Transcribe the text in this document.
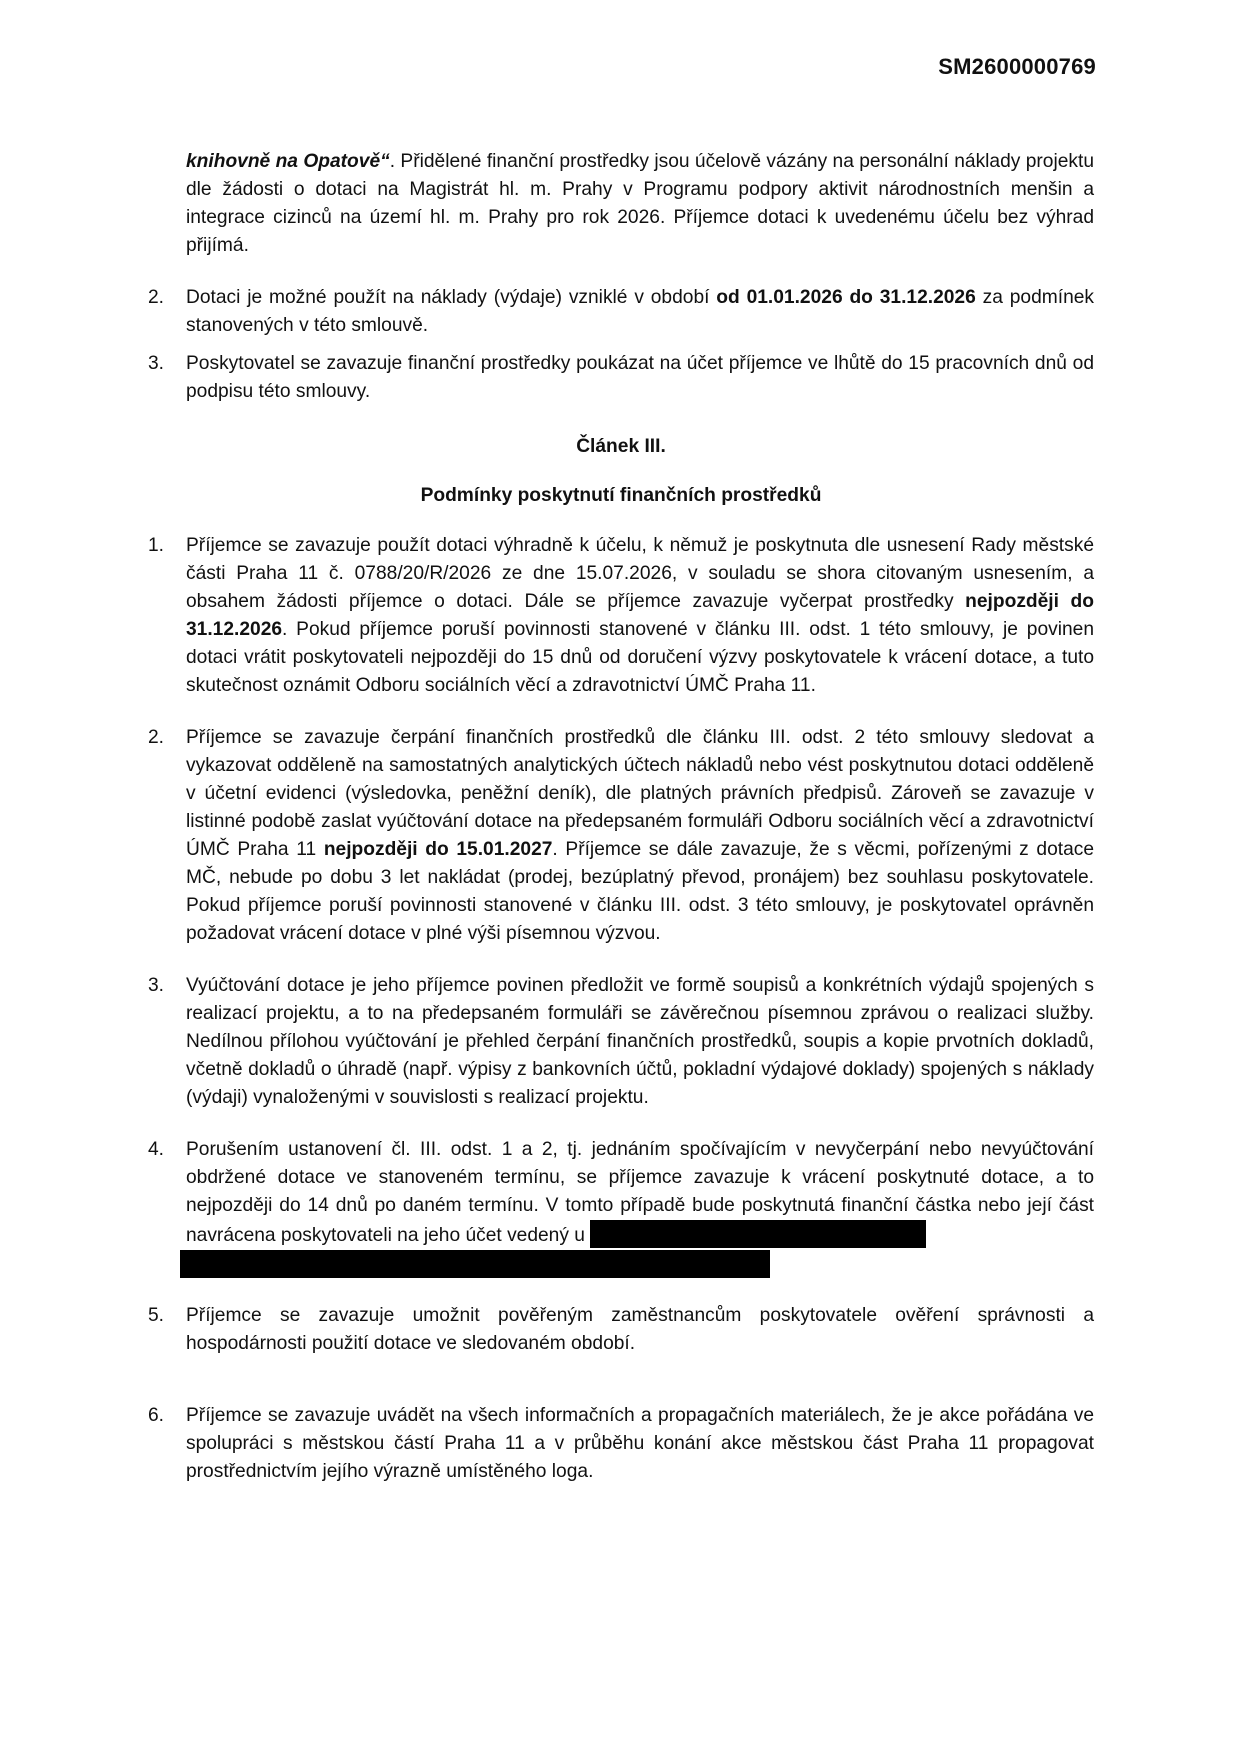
SM2600000769

knihovně na Opatově“. Přidělené finanční prostředky jsou účelově vázány na personální náklady projektu dle žádosti o dotaci na Magistrát hl. m. Prahy v Programu podpory aktivit národnostních menšin a integrace cizinců na území hl. m. Prahy pro rok 2026. Příjemce dotaci k uvedenému účelu bez výhrad přijímá.

2.	Dotaci je možné použít na náklady (výdaje) vzniklé v období od 01.01.2026 do 31.12.2026 za podmínek stanovených v této smlouvě.

3.	Poskytovatel se zavazuje finanční prostředky poukázat na účet příjemce ve lhůtě do 15 pracovních dnů od podpisu této smlouvy.

Článek III.

Podmínky poskytnutí finančních prostředků

1.	Příjemce se zavazuje použít dotaci výhradně k účelu, k němuž je poskytnuta dle usnesení Rady městské části Praha 11 č. 0788/20/R/2026 ze dne 15.07.2026, v souladu se shora citovaným usnesením, a obsahem žádosti příjemce o dotaci. Dále se příjemce zavazuje vyčerpat prostředky nejpozději do 31.12.2026. Pokud příjemce poruší povinnosti stanovené v článku III. odst. 1 této smlouvy, je povinen dotaci vrátit poskytovateli nejpozději do 15 dnů od doručení výzvy poskytovatele k vrácení dotace, a tuto skutečnost oznámit Odboru sociálních věcí a zdravotnictví ÚMČ Praha 11.

2.	Příjemce se zavazuje čerpání finančních prostředků dle článku III. odst. 2 této smlouvy sledovat a vykazovat odděleně na samostatných analytických účtech nákladů nebo vést poskytnutou dotaci odděleně v účetní evidenci (výsledovka, peněžní deník), dle platných právních předpisů. Zároveň se zavazuje v listinné podobě zaslat vyúčtování dotace na předepsaném formuláři Odboru sociálních věcí a zdravotnictví ÚMČ Praha 11 nejpozději do 15.01.2027. Příjemce se dále zavazuje, že s věcmi, pořízenými z dotace MČ, nebude po dobu 3 let nakládat (prodej, bezúplatný převod, pronájem) bez souhlasu poskytovatele. Pokud příjemce poruší povinnosti stanovené v článku III. odst. 3 této smlouvy, je poskytovatel oprávněn požadovat vrácení dotace v plné výši písemnou výzvou.

3.	Vyúčtování dotace je jeho příjemce povinen předložit ve formě soupisů a konkrétních výdajů spojených s realizací projektu, a to na předepsaném formuláři se závěrečnou písemnou zprávou o realizaci služby. Nedílnou přílohou vyúčtování je přehled čerpání finančních prostředků, soupis a kopie prvotních dokladů, včetně dokladů o úhradě (např. výpisy z bankovních účtů, pokladní výdajové doklady) spojených s náklady (výdaji) vynaloženými v souvislosti s realizací projektu.

4.	Porušením ustanovení čl. III. odst. 1 a 2, tj. jednáním spočívajícím v nevyčerpání nebo nevyúčtování obdržené dotace ve stanoveném termínu, se příjemce zavazuje k vrácení poskytnuté dotace, a to nejpozději do 14 dnů po daném termínu. V tomto případě bude poskytnutá finanční částka nebo její část navrácena poskytovateli na jeho účet vedený u
5.	Příjemce se zavazuje umožnit pověřeným zaměstnancům poskytovatele ověření správnosti a hospodárnosti použití dotace ve sledovaném období.

6.	Příjemce se zavazuje uvádět na všech informačních a propagačních materiálech, že je akce pořádána ve spolupráci s městskou částí Praha 11 a v průběhu konání akce městskou část Praha 11 propagovat prostřednictvím jejího výrazně umístěného loga.
